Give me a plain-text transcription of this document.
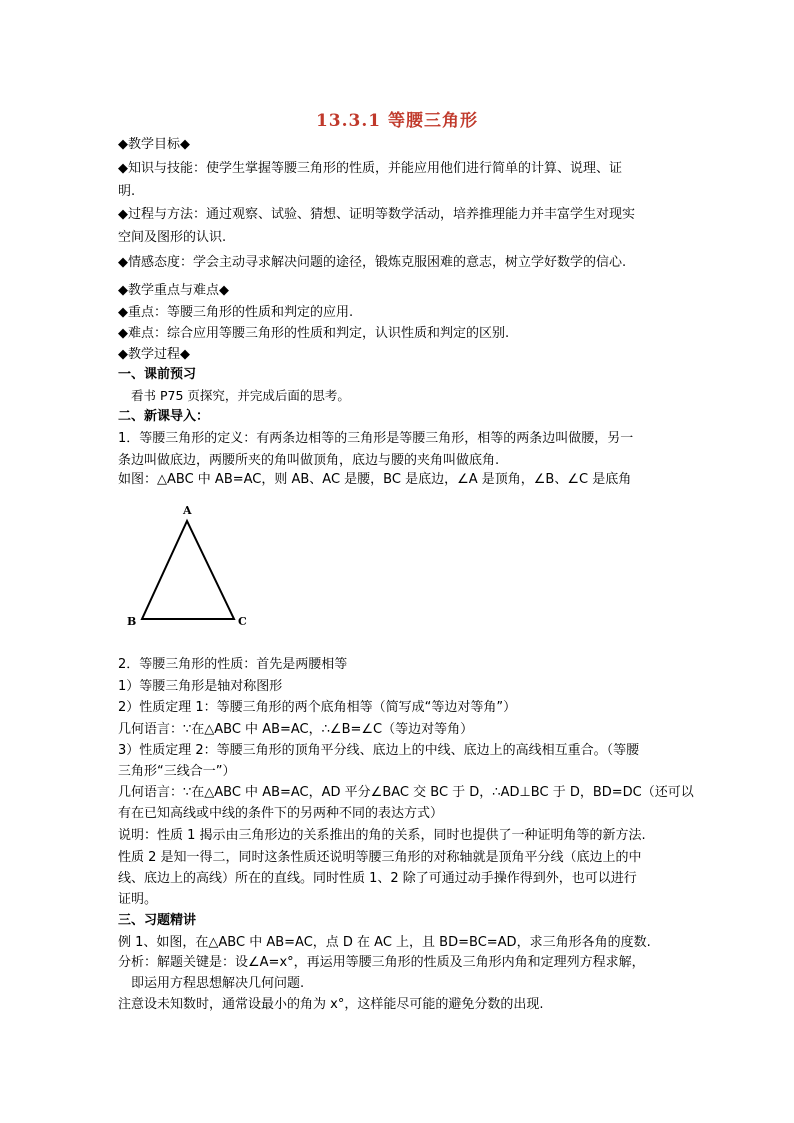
13.3.1 等腰三角形
◆教学目标◆
◆知识与技能：使学生掌握等腰三角形的性质，并能应用他们进行简单的计算、说理、证
明.
◆过程与方法：通过观察、试验、猜想、证明等数学活动，培养推理能力并丰富学生对现实
空间及图形的认识.
◆情感态度：学会主动寻求解决问题的途径，锻炼克服困难的意志，树立学好数学的信心.
◆教学重点与难点◆
◆重点：等腰三角形的性质和判定的应用.
◆难点：综合应用等腰三角形的性质和判定，认识性质和判定的区别.
◆教学过程◆
一、课前预习
看书 P75 页探究，并完成后面的思考。
二、新课导入：
1．等腰三角形的定义：有两条边相等的三角形是等腰三角形，相等的两条边叫做腰，另一
条边叫做底边，两腰所夹的角叫做顶角，底边与腰的夹角叫做底角.
如图：△ABC 中 AB=AC，则 AB、AC 是腰，BC 是底边，∠A 是顶角，∠B、∠C 是底角
A
B	C
2．等腰三角形的性质：首先是两腰相等
1）等腰三角形是轴对称图形
2）性质定理 1：等腰三角形的两个底角相等（简写成“等边对等角”）
几何语言：∵在△ABC 中 AB=AC，∴∠B=∠C（等边对等角）
3）性质定理 2：等腰三角形的顶角平分线、底边上的中线、底边上的高线相互重合。（等腰
三角形“三线合一”）
几何语言：∵在△ABC 中 AB=AC，AD 平分∠BAC 交 BC 于 D，∴AD⊥BC 于 D，BD=DC（还可以
有在已知高线或中线的条件下的另两种不同的表达方式）
说明：性质 1 揭示由三角形边的关系推出的角的关系，同时也提供了一种证明角等的新方法.
性质 2 是知一得二，同时这条性质还说明等腰三角形的对称轴就是顶角平分线（底边上的中
线、底边上的高线）所在的直线。同时性质 1、2 除了可通过动手操作得到外，也可以进行
证明。
三、习题精讲
例 1、如图，在△ABC 中 AB=AC，点 D 在 AC 上，且 BD=BC=AD，求三角形各角的度数.
分析：解题关键是：设∠A=x°，再运用等腰三角形的性质及三角形内角和定理列方程求解，
即运用方程思想解决几何问题.
注意设未知数时，通常设最小的角为 x°，这样能尽可能的避免分数的出现.
